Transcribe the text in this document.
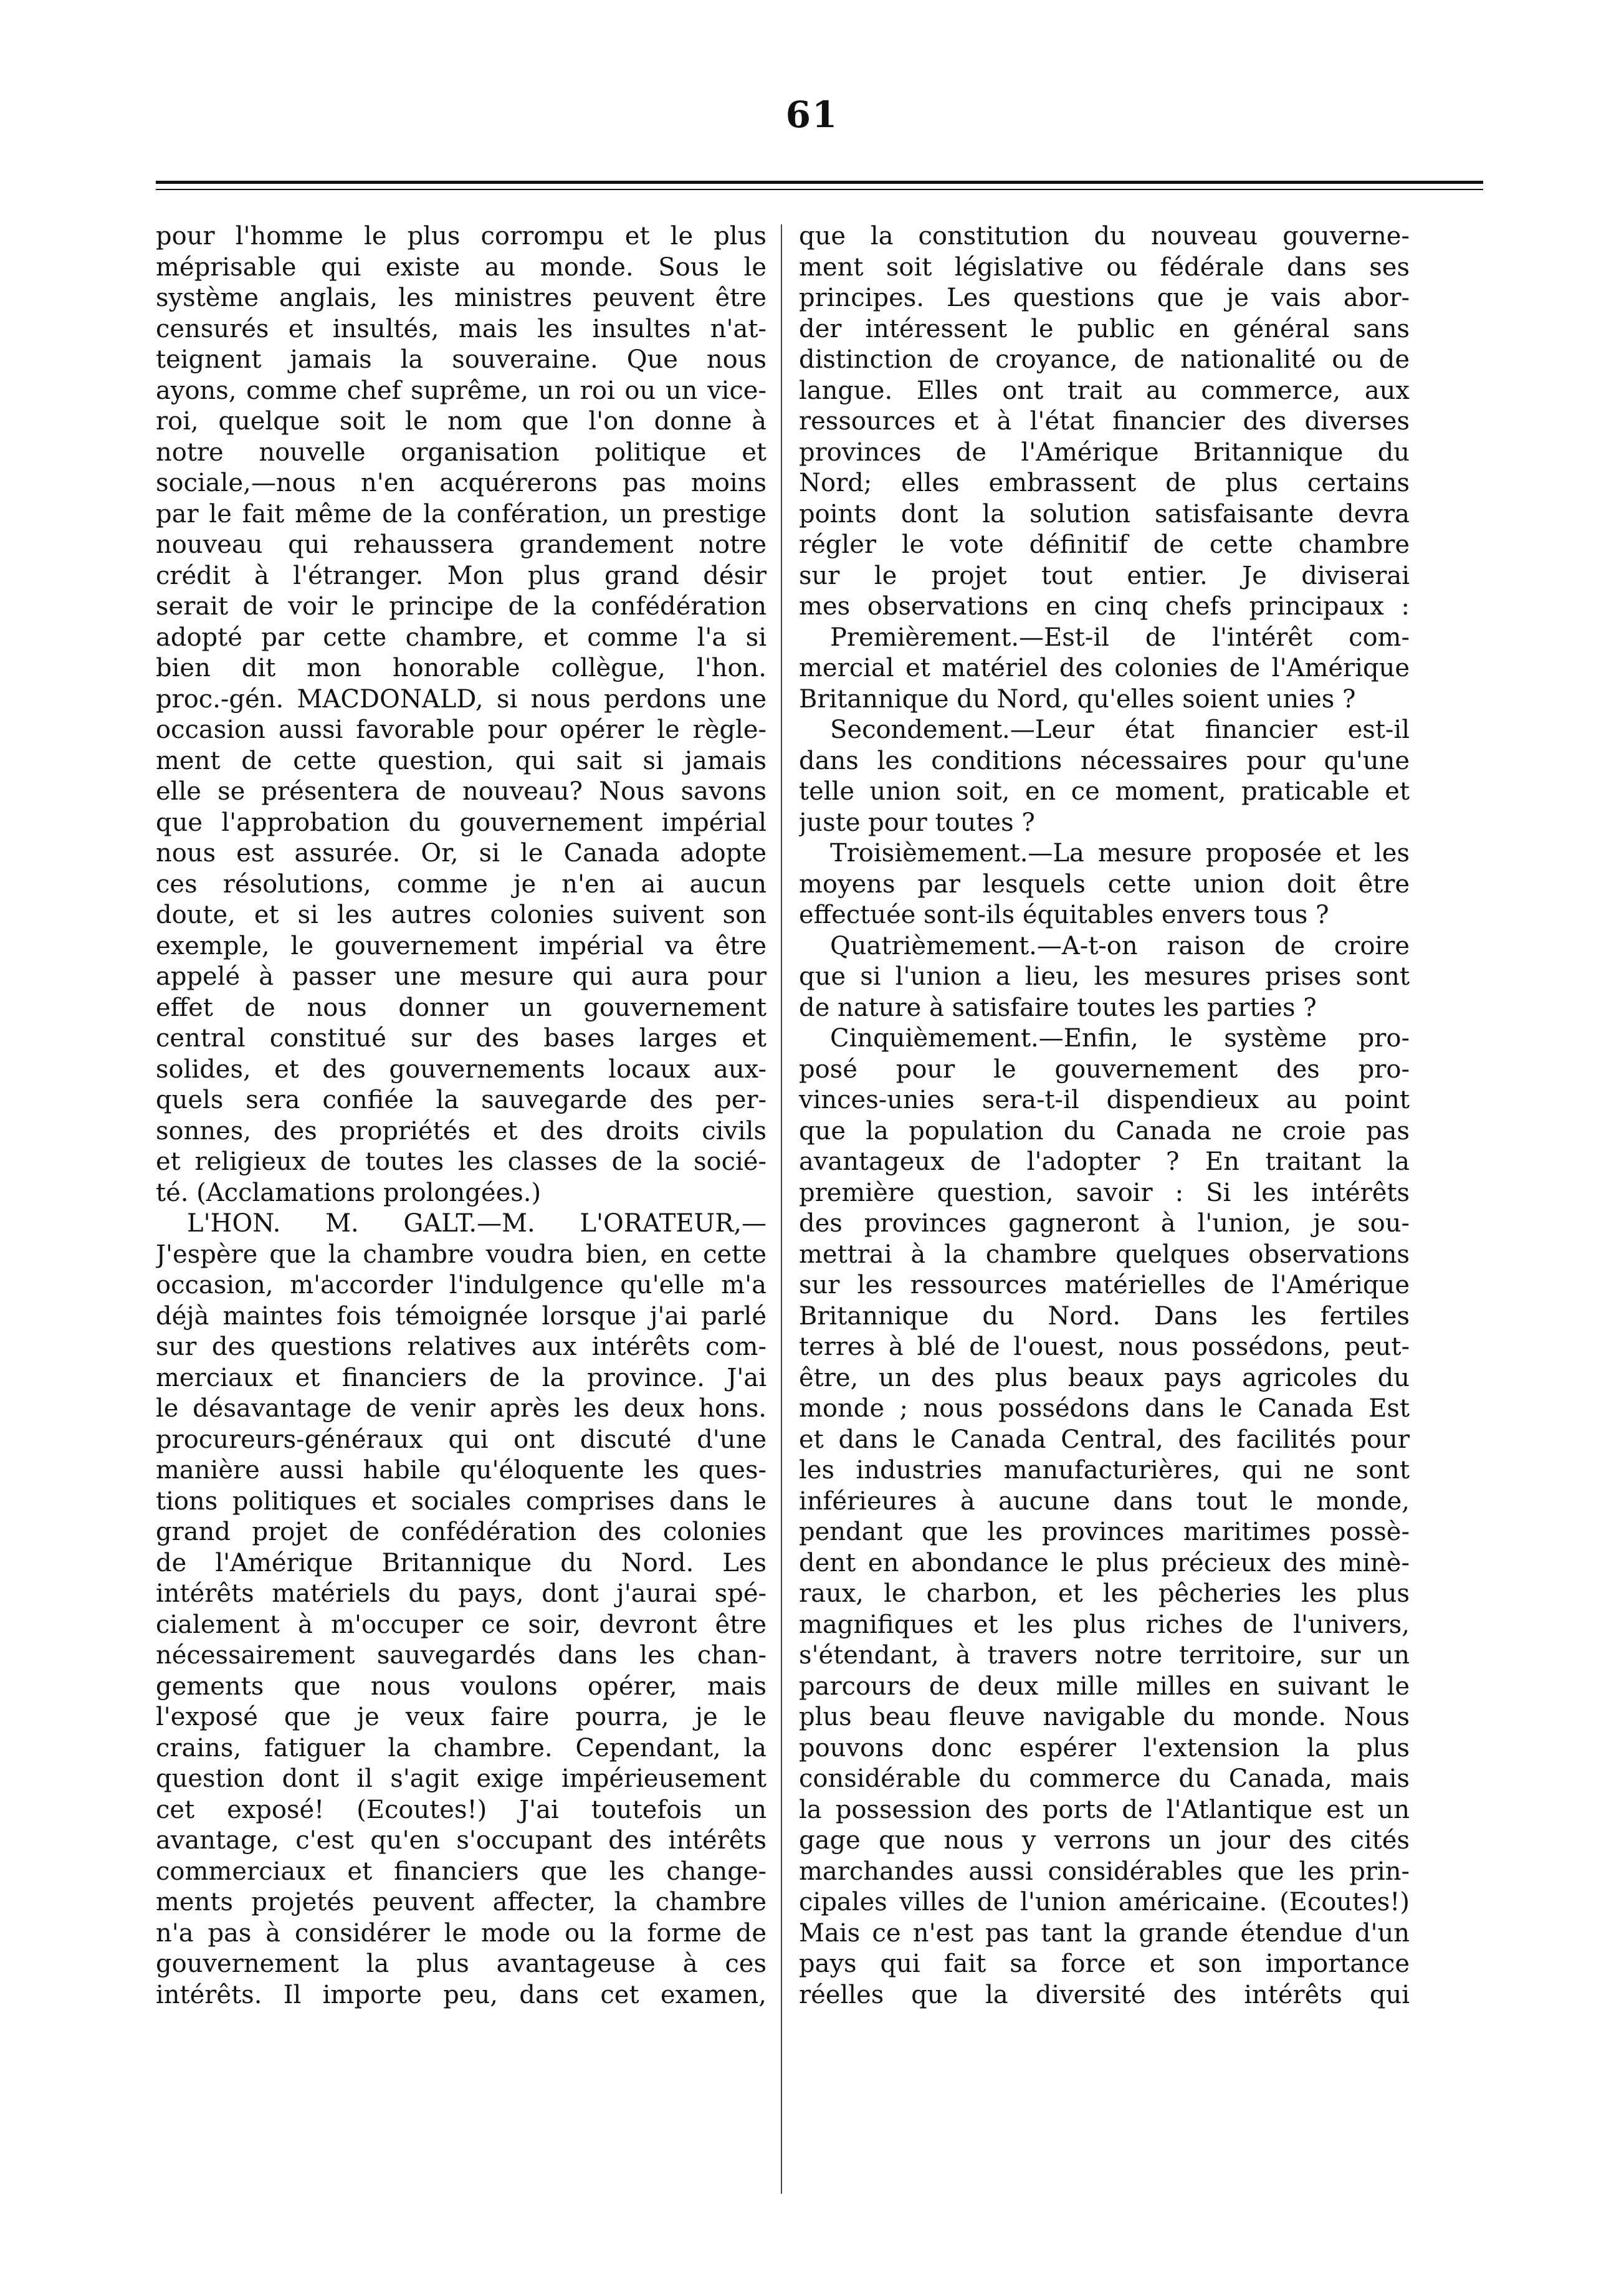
61
pour l'homme le plus corrompu et le plus
méprisable qui existe au monde. Sous le
système anglais, les ministres peuvent être
censurés et insultés, mais les insultes n'at-
teignent jamais la souveraine. Que nous
ayons, comme chef suprême, un roi ou un vice-
roi, quelque soit le nom que l'on donne à
notre nouvelle organisation politique et
sociale,—nous n'en acquérerons pas moins
par le fait même de la confération, un prestige
nouveau qui rehaussera grandement notre
crédit à l'étranger. Mon plus grand désir
serait de voir le principe de la confédération
adopté par cette chambre, et comme l'a si
bien dit mon honorable collègue, l'hon.
proc.-gén. MACDONALD, si nous perdons une
occasion aussi favorable pour opérer le règle-
ment de cette question, qui sait si jamais
elle se présentera de nouveau? Nous savons
que l'approbation du gouvernement impérial
nous est assurée. Or, si le Canada adopte
ces résolutions, comme je n'en ai aucun
doute, et si les autres colonies suivent son
exemple, le gouvernement impérial va être
appelé à passer une mesure qui aura pour
effet de nous donner un gouvernement
central constitué sur des bases larges et
solides, et des gouvernements locaux aux-
quels sera confiée la sauvegarde des per-
sonnes, des propriétés et des droits civils
et religieux de toutes les classes de la socié-
té. (Acclamations prolongées.)
L'HON. M. GALT.—M. L'ORATEUR,—
J'espère que la chambre voudra bien, en cette
occasion, m'accorder l'indulgence qu'elle m'a
déjà maintes fois témoignée lorsque j'ai parlé
sur des questions relatives aux intérêts com-
merciaux et financiers de la province. J'ai
le désavantage de venir après les deux hons.
procureurs-généraux qui ont discuté d'une
manière aussi habile qu'éloquente les ques-
tions politiques et sociales comprises dans le
grand projet de confédération des colonies
de l'Amérique Britannique du Nord. Les
intérêts matériels du pays, dont j'aurai spé-
cialement à m'occuper ce soir, devront être
nécessairement sauvegardés dans les chan-
gements que nous voulons opérer, mais
l'exposé que je veux faire pourra, je le
crains, fatiguer la chambre. Cependant, la
question dont il s'agit exige impérieusement
cet exposé! (Ecoutes!) J'ai toutefois un
avantage, c'est qu'en s'occupant des intérêts
commerciaux et financiers que les change-
ments projetés peuvent affecter, la chambre
n'a pas à considérer le mode ou la forme de
gouvernement la plus avantageuse à ces
intérêts. Il importe peu, dans cet examen,
que la constitution du nouveau gouverne-
ment soit législative ou fédérale dans ses
principes. Les questions que je vais abor-
der intéressent le public en général sans
distinction de croyance, de nationalité ou de
langue. Elles ont trait au commerce, aux
ressources et à l'état financier des diverses
provinces de l'Amérique Britannique du
Nord; elles embrassent de plus certains
points dont la solution satisfaisante devra
régler le vote définitif de cette chambre
sur le projet tout entier. Je diviserai
mes observations en cinq chefs principaux :
Premièrement.—Est-il de l'intérêt com-
mercial et matériel des colonies de l'Amérique
Britannique du Nord, qu'elles soient unies ?
Secondement.—Leur état financier est-il
dans les conditions nécessaires pour qu'une
telle union soit, en ce moment, praticable et
juste pour toutes ?
Troisièmement.—La mesure proposée et les
moyens par lesquels cette union doit être
effectuée sont-ils équitables envers tous ?
Quatrièmement.—A-t-on raison de croire
que si l'union a lieu, les mesures prises sont
de nature à satisfaire toutes les parties ?
Cinquièmement.—Enfin, le système pro-
posé pour le gouvernement des pro-
vinces-unies sera-t-il dispendieux au point
que la population du Canada ne croie pas
avantageux de l'adopter ? En traitant la
première question, savoir : Si les intérêts
des provinces gagneront à l'union, je sou-
mettrai à la chambre quelques observations
sur les ressources matérielles de l'Amérique
Britannique du Nord. Dans les fertiles
terres à blé de l'ouest, nous possédons, peut-
être, un des plus beaux pays agricoles du
monde ; nous possédons dans le Canada Est
et dans le Canada Central, des facilités pour
les industries manufacturières, qui ne sont
inférieures à aucune dans tout le monde,
pendant que les provinces maritimes possè-
dent en abondance le plus précieux des minè-
raux, le charbon, et les pêcheries les plus
magnifiques et les plus riches de l'univers,
s'étendant, à travers notre territoire, sur un
parcours de deux mille milles en suivant le
plus beau fleuve navigable du monde. Nous
pouvons donc espérer l'extension la plus
considérable du commerce du Canada, mais
la possession des ports de l'Atlantique est un
gage que nous y verrons un jour des cités
marchandes aussi considérables que les prin-
cipales villes de l'union américaine. (Ecoutes!)
Mais ce n'est pas tant la grande étendue d'un
pays qui fait sa force et son importance
réelles que la diversité des intérêts qui
